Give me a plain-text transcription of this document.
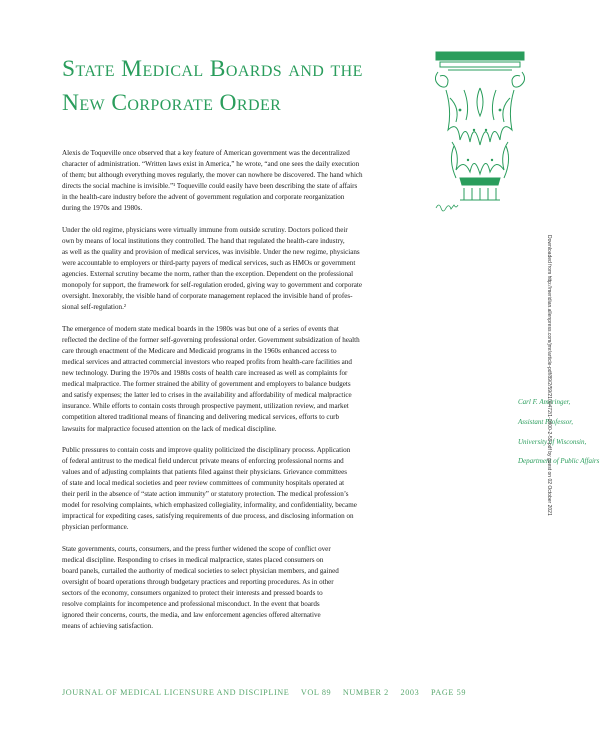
State Medical Boards and the
New Corporate Order

Alexis de Toqueville once observed that a key feature of American government was the decentralized
character of administration. “Written laws exist in America,” he wrote, “and one sees the daily execution
of them; but although everything moves regularly, the mover can nowhere be discovered. The hand which
directs the social machine is invisible.”¹ Toqueville could easily have been describing the state of affairs
in the health-care industry before the advent of government regulation and corporate reorganization
during the 1970s and 1980s.

Under the old regime, physicians were virtually immune from outside scrutiny. Doctors policed their
own by means of local institutions they controlled. The hand that regulated the health-care industry,
as well as the quality and provision of medical services, was invisible. Under the new regime, physicians
were accountable to employers or third-party payers of medical services, such as HMOs or government
agencies. External scrutiny became the norm, rather than the exception. Dependent on the professional
monopoly for support, the framework for self-regulation eroded, giving way to government and corporate
oversight. Inexorably, the visible hand of corporate management replaced the invisible hand of profes-
sional self-regulation.²

The emergence of modern state medical boards in the 1980s was but one of a series of events that
reflected the decline of the former self-governing professional order. Government subsidization of health
care through enactment of the Medicare and Medicaid programs in the 1960s enhanced access to
medical services and attracted commercial investors who reaped profits from health-care facilities and
new technology. During the 1970s and 1980s costs of health care increased as well as complaints for
medical malpractice. The former strained the ability of government and employers to balance budgets
and satisfy expenses; the latter led to crises in the availability and affordability of medical malpractice
insurance. While efforts to contain costs through prospective payment, utilization review, and market
competition altered traditional means of financing and delivering medical services, efforts to curb
lawsuits for malpractice focused attention on the lack of medical discipline.

Public pressures to contain costs and improve quality politicized the disciplinary process. Application
of federal antitrust to the medical field undercut private means of enforcing professional norms and
values and of adjusting complaints that patients filed against their physicians. Grievance committees
of state and local medical societies and peer review committees of community hospitals operated at
their peril in the absence of “state action immunity” or statutory protection. The medical profession’s
model for resolving complaints, which emphasized collegiality, informality, and confidentiality, became
impractical for expediting cases, satisfying requirements of due process, and disclosing information on
physician performance.

State governments, courts, consumers, and the press further widened the scope of conflict over
medical discipline. Responding to crises in medical malpractice, states placed consumers on
board panels, curtailed the authority of medical societies to select physician members, and gained
oversight of board operations through budgetary practices and reporting procedures. As in other
sectors of the economy, consumers organized to protect their interests and pressed boards to
resolve complaints for incompetence and professional misconduct. In the event that boards
ignored their concerns, courts, the media, and law enforcement agencies offered alternative
means of achieving satisfaction.

Carl F. Ameringer,
Assistant Professor,
University of Wisconsin,
Department of Public Affairs
Downloaded from http://meridian.allenpress.com/jmr/article-pdf/89/2/59/2100472/1-0800-2-59.pdf by guest on 02 October 2021
JOURNAL OF MEDICAL LICENSURE AND DISCIPLINE VOL 89 NUMBER 2 2003 PAGE 59
